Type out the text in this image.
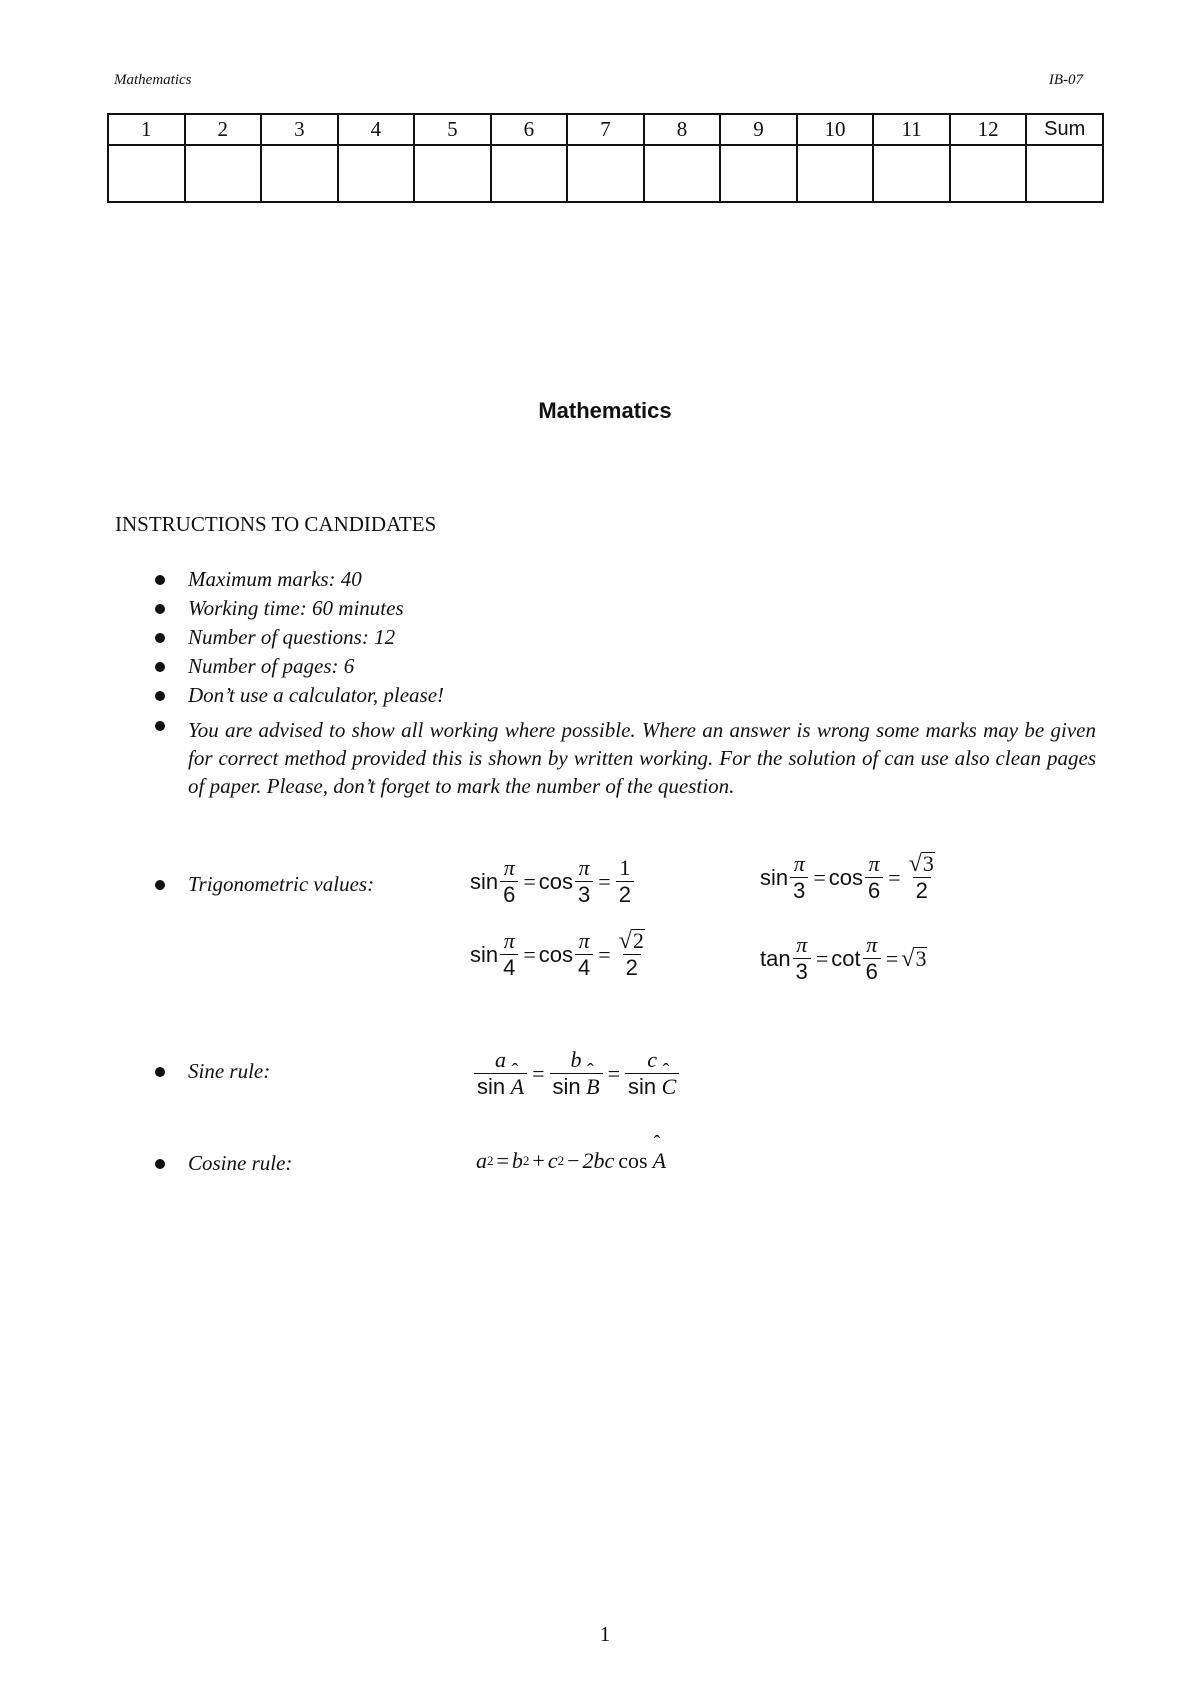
Mathematics	IB-07
1	2	3	4	5	6	7	8	9	10	11	12	Sum

Mathematics
INSTRUCTIONS TO CANDIDATES
Maximum marks: 40
Working time: 60 minutes
Number of questions: 12
Number of pages: 6
Don’t use a calculator, please!
You are advised to show all working where possible. Where an answer is wrong some marks may be given for correct method provided this is shown by written working. For the solution of can use also clean pages of paper. Please, don’t forget to mark the number of the question.
Trigonometric values:	$\sin \frac{\pi}{6} = \cos \frac{\pi}{3} = \frac{1}{2}$	$\sin \frac{\pi}{3} = \cos \frac{\pi}{6} = \frac{√ 3}{2}$
$\sin \frac{\pi}{4} = \cos \frac{\pi}{4} = \frac{√ 2}{2}$	$\tan \frac{\pi}{3} = \cot \frac{\pi}{6}$ = √ 3
Sine rule:	$\frac{a}{\text{sin ˆ A}} = \frac{b}{\text{sin ˆ B}} = \frac{c}{\text{sin ˆ C}}$
Cosine rule:	a 2 = b 2 + c 2 − 2bc cos ˆ A
1
